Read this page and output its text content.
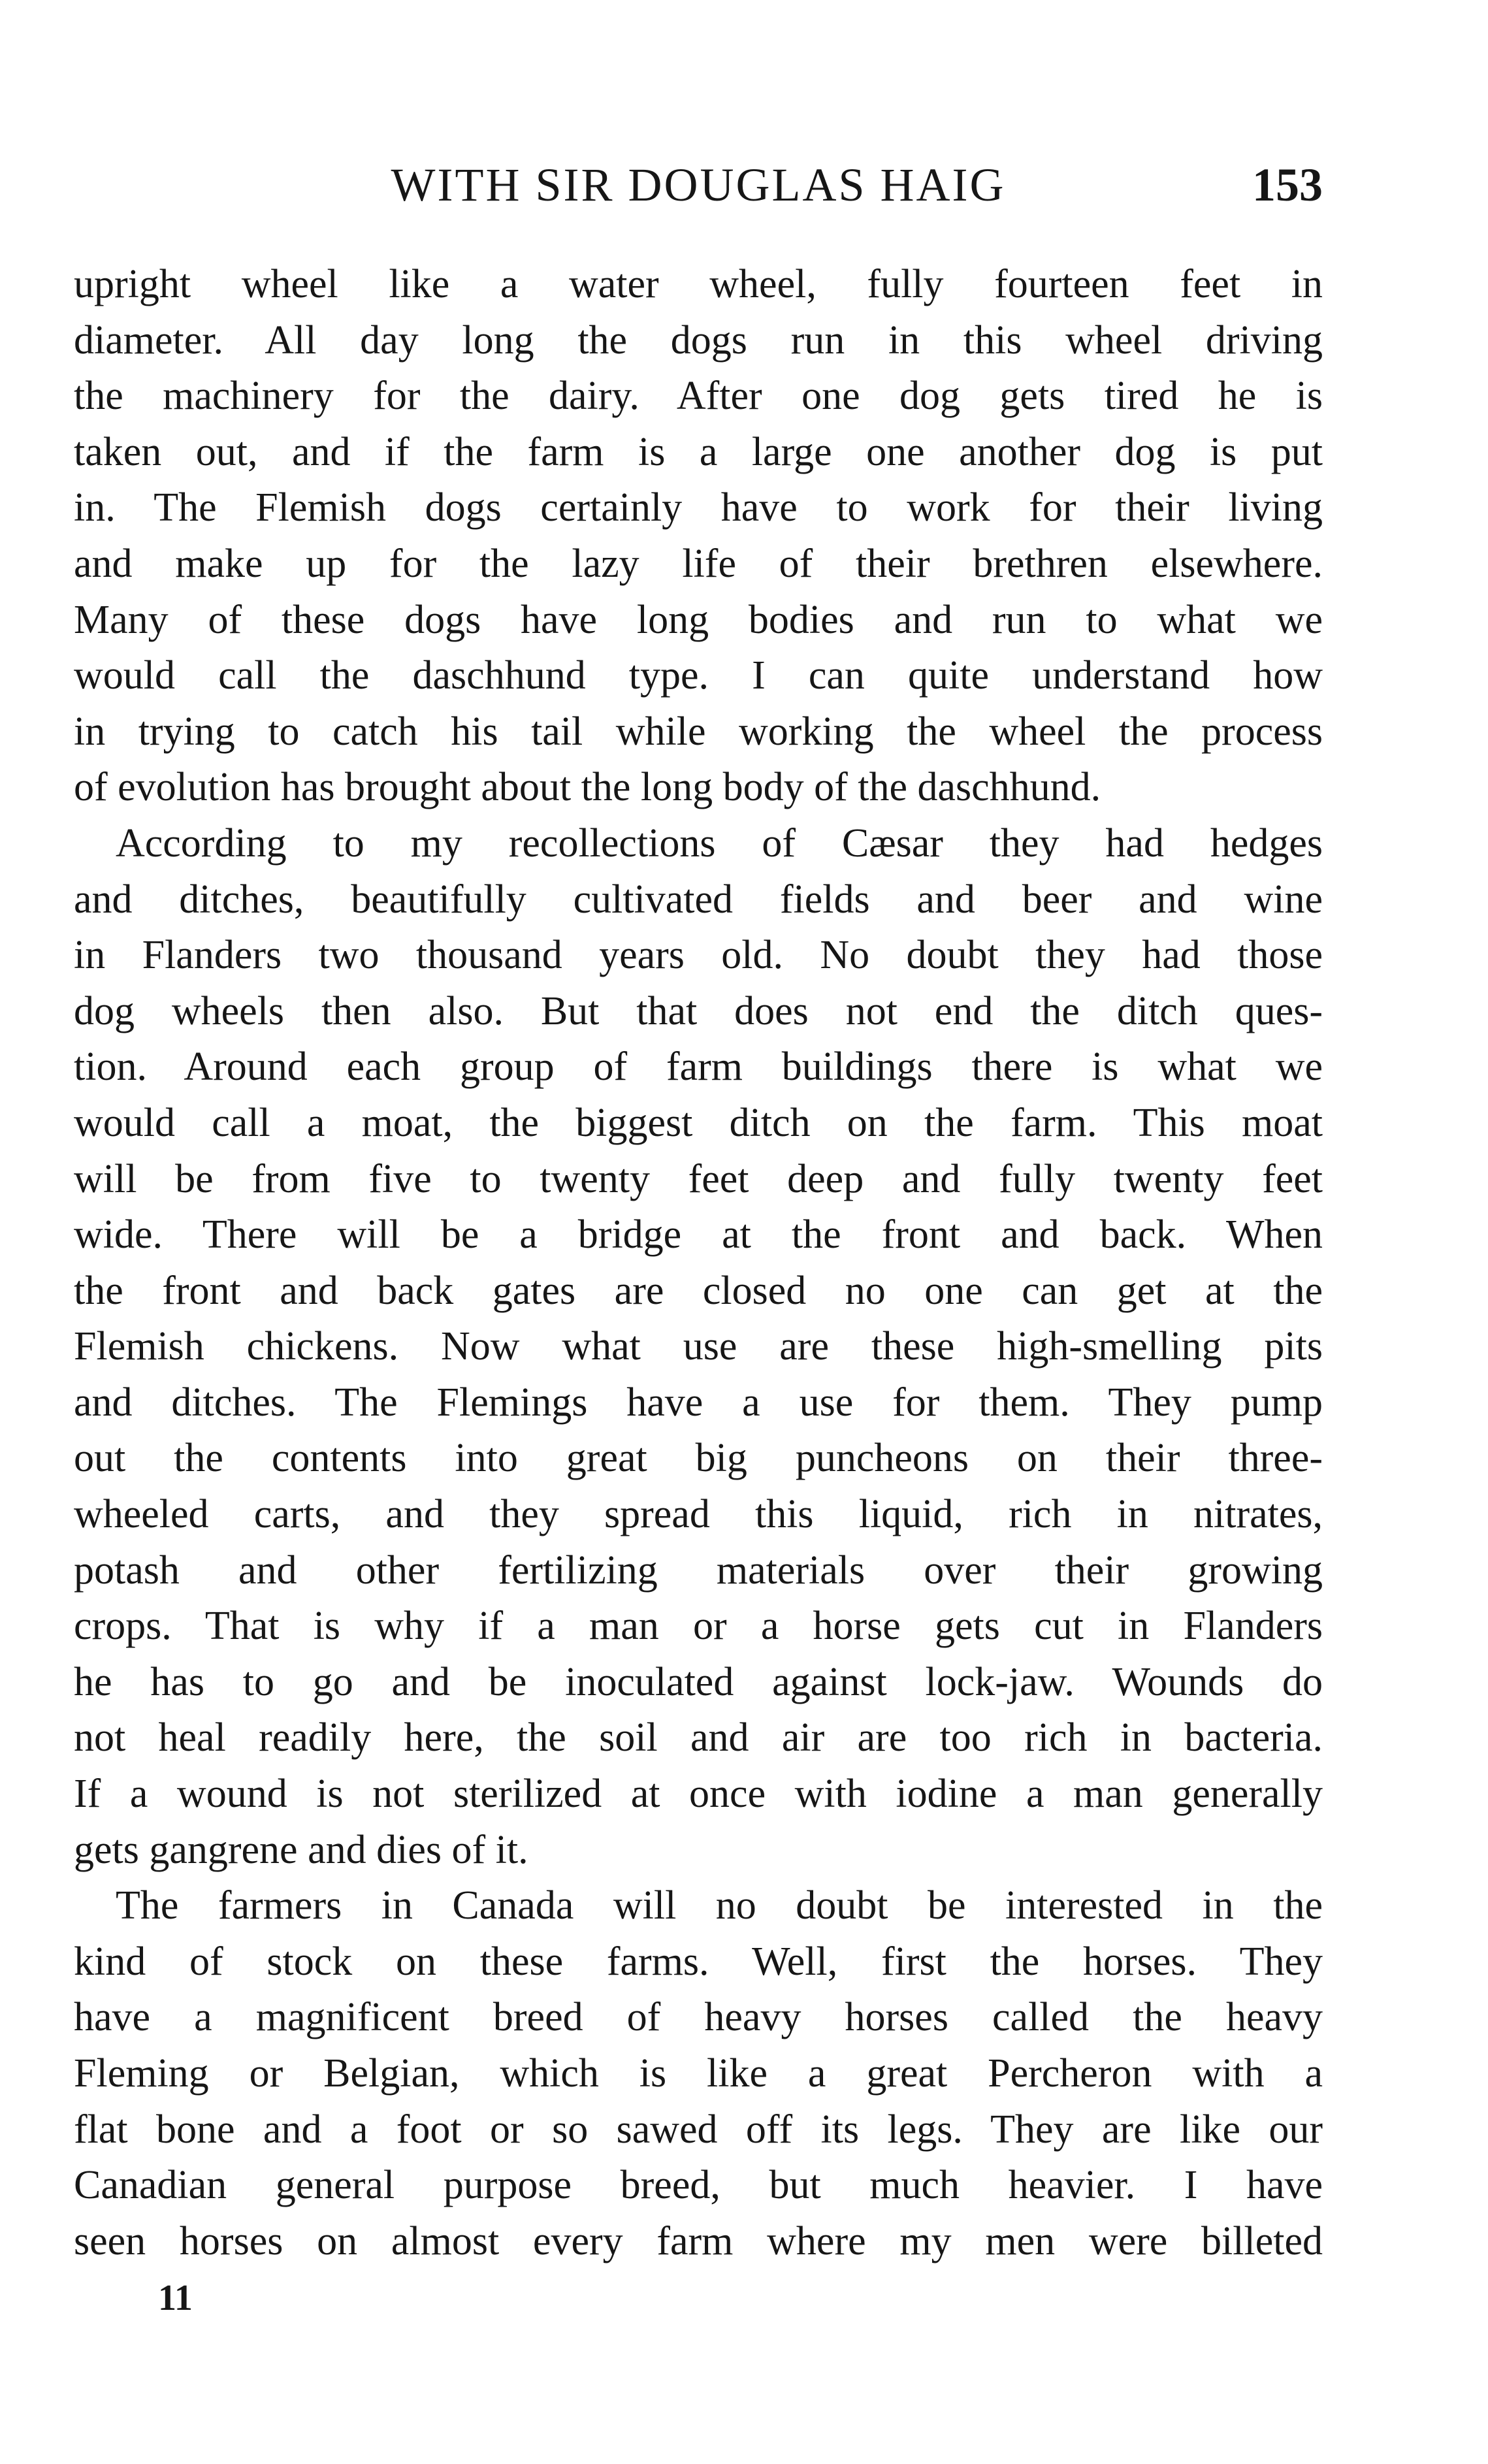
WITH SIR DOUGLAS HAIG	153
upright wheel like a water wheel, fully fourteen feet in
diameter. All day long the dogs run in this wheel driving
the machinery for the dairy. After one dog gets tired he is
taken out, and if the farm is a large one another dog is put
in. The Flemish dogs certainly have to work for their living
and make up for the lazy life of their brethren elsewhere.
Many of these dogs have long bodies and run to what we
would call the daschhund type. I can quite understand how
in trying to catch his tail while working the wheel the process
of evolution has brought about the long body of the daschhund.
According to my recollections of Cæsar they had hedges
and ditches, beautifully cultivated fields and beer and wine
in Flanders two thousand years old. No doubt they had those
dog wheels then also. But that does not end the ditch ques-
tion. Around each group of farm buildings there is what we
would call a moat, the biggest ditch on the farm. This moat
will be from five to twenty feet deep and fully twenty feet
wide. There will be a bridge at the front and back. When
the front and back gates are closed no one can get at the
Flemish chickens. Now what use are these high-smelling pits
and ditches. The Flemings have a use for them. They pump
out the contents into great big puncheons on their three-
wheeled carts, and they spread this liquid, rich in nitrates,
potash and other fertilizing materials over their growing
crops. That is why if a man or a horse gets cut in Flanders
he has to go and be inoculated against lock-jaw. Wounds do
not heal readily here, the soil and air are too rich in bacteria.
If a wound is not sterilized at once with iodine a man generally
gets gangrene and dies of it.
The farmers in Canada will no doubt be interested in the
kind of stock on these farms. Well, first the horses. They
have a magnificent breed of heavy horses called the heavy
Fleming or Belgian, which is like a great Percheron with a
flat bone and a foot or so sawed off its legs. They are like our
Canadian general purpose breed, but much heavier. I have
seen horses on almost every farm where my men were billeted
11
